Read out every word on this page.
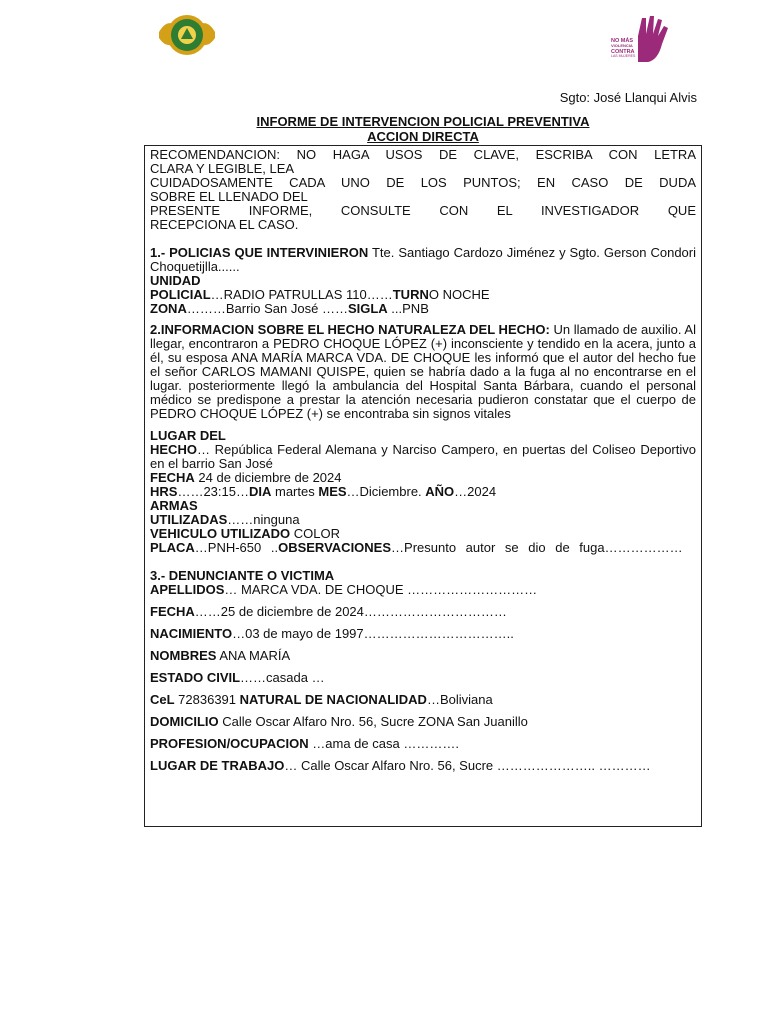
NO MÁS
VIOLENCIA
CONTRA
LAS MUJERES
Sgto: José Llanqui Alvis
INFORME DE INTERVENCION POLICIAL PREVENTIVA
ACCION DIRECTA

RECOMENDANCION: NO HAGA USOS DE CLAVE, ESCRIBA CON LETRA

CLARA Y LEGIBLE, LEA

CUIDADOSAMENTE CADA UNO DE LOS PUNTOS; EN CASO DE DUDA

SOBRE EL LLENADO DEL

PRESENTE INFORME, CONSULTE CON EL INVESTIGADOR QUE

RECEPCIONA EL CASO.

1.- POLICIAS QUE INTERVINIERON Tte. Santiago Cardozo Jiménez y Sgto. Gerson Condori Choquetijlla......

UNIDAD

POLICIAL…RADIO PATRULLAS 110……TURNO NOCHE

ZONA………Barrio San José ……SIGLA ...PNB

2.INFORMACION SOBRE EL HECHO NATURALEZA DEL HECHO: Un llamado de auxilio. Al llegar, encontraron a PEDRO CHOQUE LÓPEZ (+) inconsciente y tendido en la acera, junto a él, su esposa ANA MARÍA MARCA VDA. DE CHOQUE les informó que el autor del hecho fue el señor CARLOS MAMANI QUISPE, quien se habría dado a la fuga al no encontrarse en el lugar. posteriormente llegó la ambulancia del Hospital Santa Bárbara, cuando el personal médico se predispone a prestar la atención necesaria pudieron constatar que el cuerpo de PEDRO CHOQUE LÓPEZ (+) se encontraba sin signos vitales

LUGAR DEL

HECHO… República Federal Alemana y Narciso Campero, en puertas del Coliseo Deportivo en el barrio San José

FECHA 24 de diciembre de 2024

HRS……23:15…DIA martes MES…Diciembre. AÑO…2024

ARMAS

UTILIZADAS……ninguna

VEHICULO UTILIZADO COLOR

PLACA…PNH-650 ..OBSERVACIONES…Presunto autor se dio de fuga………………

3.- DENUNCIANTE O VICTIMA

APELLIDOS… MARCA VDA. DE CHOQUE …………………………

FECHA……25 de diciembre de 2024……………………………

NACIMIENTO…03 de mayo de 1997……………………………..

NOMBRES ANA MARÍA

ESTADO CIVIL……casada …

CeL 72836391 NATURAL DE NACIONALIDAD…Boliviana

DOMICILIO Calle Oscar Alfaro Nro. 56, Sucre ZONA San Juanillo

PROFESION/OCUPACION …ama de casa ………….

LUGAR DE TRABAJO… Calle Oscar Alfaro Nro. 56, Sucre ………………….. …………
